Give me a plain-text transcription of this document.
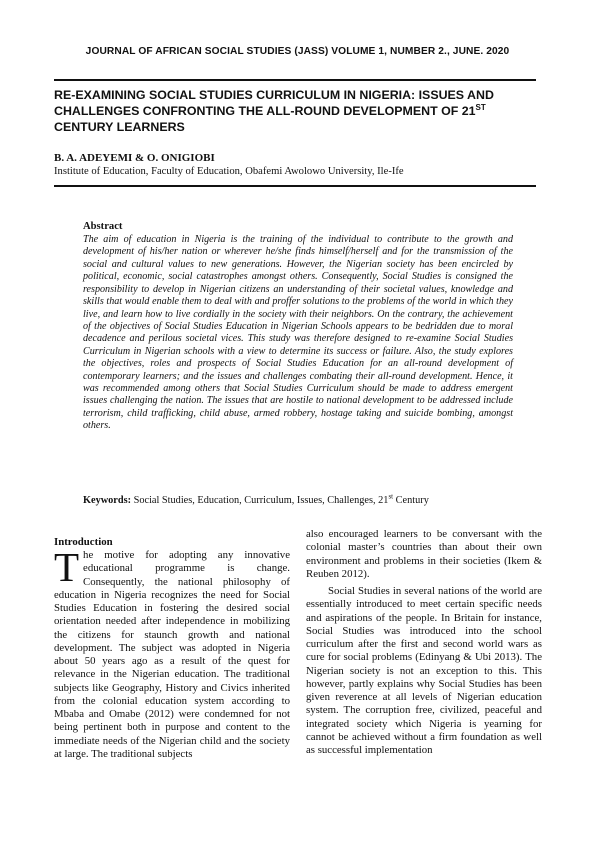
JOURNAL OF AFRICAN SOCIAL STUDIES (JASS) VOLUME 1, NUMBER 2., JUNE. 2020
RE-EXAMINING SOCIAL STUDIES CURRICULUM IN NIGERIA: ISSUES AND CHALLENGES CONFRONTING THE ALL-ROUND DEVELOPMENT OF 21ST CENTURY LEARNERS
B. A. ADEYEMI & O. ONIGIOBI
Institute of Education, Faculty of Education, Obafemi Awolowo University, Ile-Ife
Abstract

The aim of education in Nigeria is the training of the individual to contribute to the growth and development of his/her nation or wherever he/she finds himself/herself and for the transmission of the social and cultural values to new generations. However, the Nigerian society has been encircled by political, economic, social catastrophes amongst others. Consequently, Social Studies is consigned the responsibility to develop in Nigerian citizens an understanding of their societal values, knowledge and skills that would enable them to deal with and proffer solutions to the problems of the world in which they live, and learn how to live cordially in the society with their neighbors. On the contrary, the achievement of the objectives of Social Studies Education in Nigerian Schools appears to be bedridden due to moral decadence and perilous societal vices. This study was therefore designed to re-examine Social Studies Curriculum in Nigerian schools with a view to determine its success or failure. Also, the study explores the objectives, roles and prospects of Social Studies Education for an all-round development of contemporary learners; and the issues and challenges combating their all-round development. Hence, it was recommended among others that Social Studies Curriculum should be made to address emergent issues challenging the nation. The issues that are hostile to national development to be addressed include terrorism, child trafficking, child abuse, armed robbery, hostage taking and suicide bombing, amongst others.

Keywords: Social Studies, Education, Curriculum, Issues, Challenges, 21st Century
Introduction

The motive for adopting any innovative educational programme is change. Consequently, the national philosophy of education in Nigeria recognizes the need for Social Studies Education in fostering the desired social orientation needed after independence in mobilizing the citizens for staunch growth and national development. The subject was adopted in Nigeria about 50 years ago as a result of the quest for relevance in the Nigerian education. The traditional subjects like Geography, History and Civics inherited from the colonial education system according to Mbaba and Omabe (2012) were condemned for not being pertinent both in purpose and content to the immediate needs of the Nigerian child and the society at large. The traditional subjects

also encouraged learners to be conversant with the colonial master’s countries than about their own environment and problems in their societies (Ikem & Reuben 2012).

Social Studies in several nations of the world are essentially introduced to meet certain specific needs and aspirations of the people. In Britain for instance, Social Studies was introduced into the school curriculum after the first and second world wars as cure for social problems (Edinyang & Ubi 2013). The Nigerian society is not an exception to this. This however, partly explains why Social Studies has been given reverence at all levels of Nigerian education system. The corruption free, civilized, peaceful and integrated society which Nigeria is yearning for cannot be achieved without a firm foundation as well as successful implementation
